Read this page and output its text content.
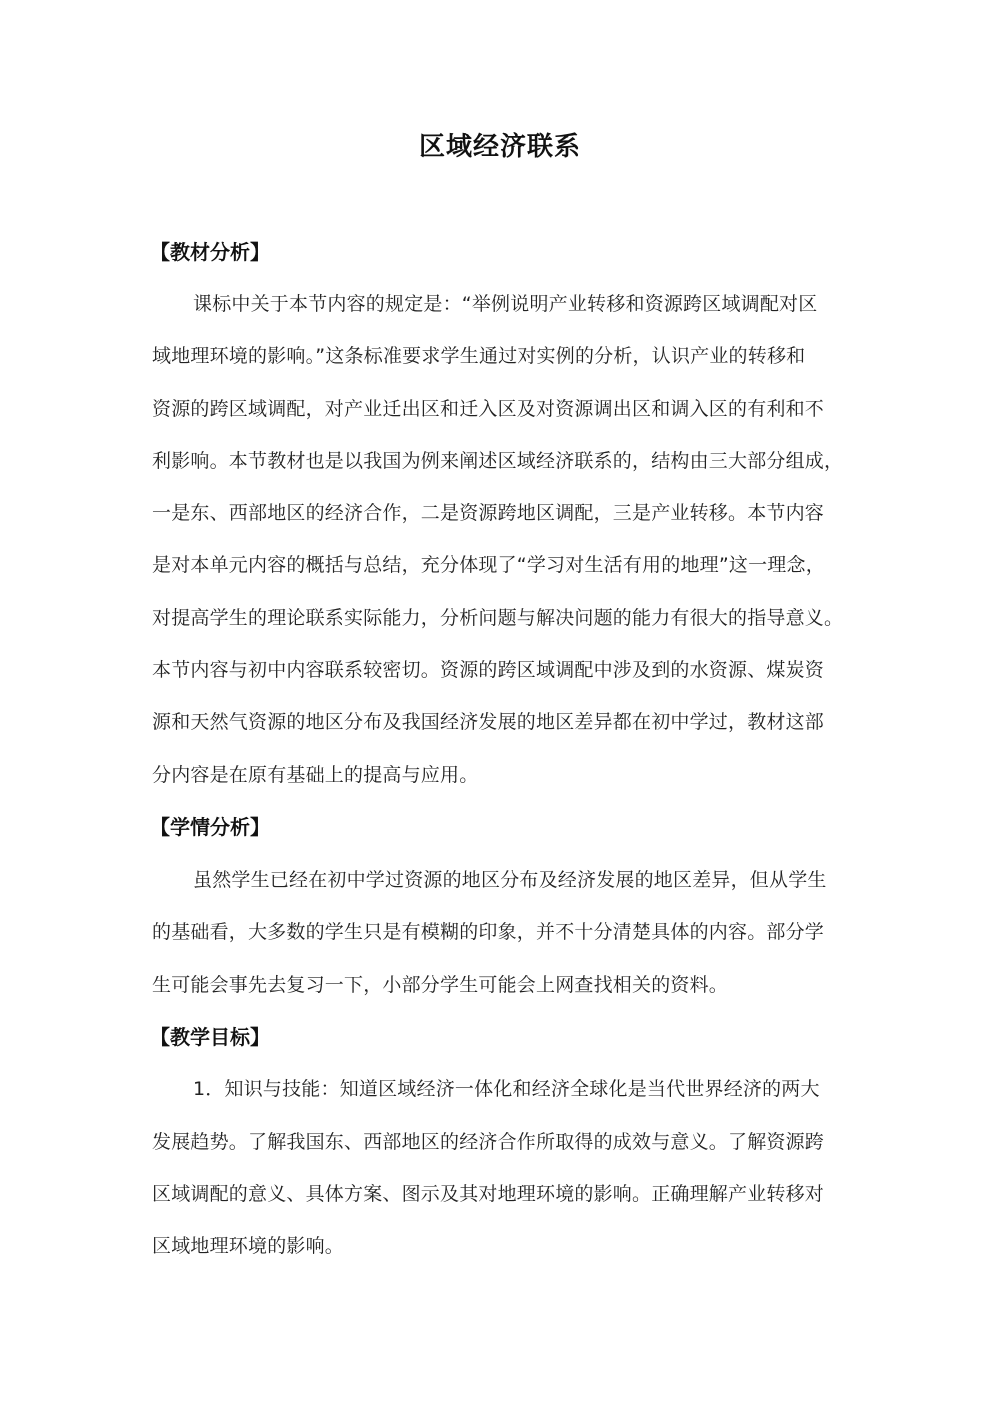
区域经济联系
【教材分析】
课标中关于本节内容的规定是：“举例说明产业转移和资源跨区域调配对区
域地理环境的影响。”这条标准要求学生通过对实例的分析，认识产业的转移和
资源的跨区域调配，对产业迁出区和迁入区及对资源调出区和调入区的有利和不
利影响。本节教材也是以我国为例来阐述区域经济联系的，结构由三大部分组成，
一是东、西部地区的经济合作，二是资源跨地区调配，三是产业转移。本节内容
是对本单元内容的概括与总结，充分体现了“学习对生活有用的地理”这一理念，
对提高学生的理论联系实际能力，分析问题与解决问题的能力有很大的指导意义。
本节内容与初中内容联系较密切。资源的跨区域调配中涉及到的水资源、煤炭资
源和天然气资源的地区分布及我国经济发展的地区差异都在初中学过，教材这部
分内容是在原有基础上的提高与应用。
【学情分析】
虽然学生已经在初中学过资源的地区分布及经济发展的地区差异，但从学生
的基础看，大多数的学生只是有模糊的印象，并不十分清楚具体的内容。部分学
生可能会事先去复习一下，小部分学生可能会上网查找相关的资料。
【教学目标】
1．知识与技能：知道区域经济一体化和经济全球化是当代世界经济的两大
发展趋势。了解我国东、西部地区的经济合作所取得的成效与意义。了解资源跨
区域调配的意义、具体方案、图示及其对地理环境的影响。正确理解产业转移对
区域地理环境的影响。
